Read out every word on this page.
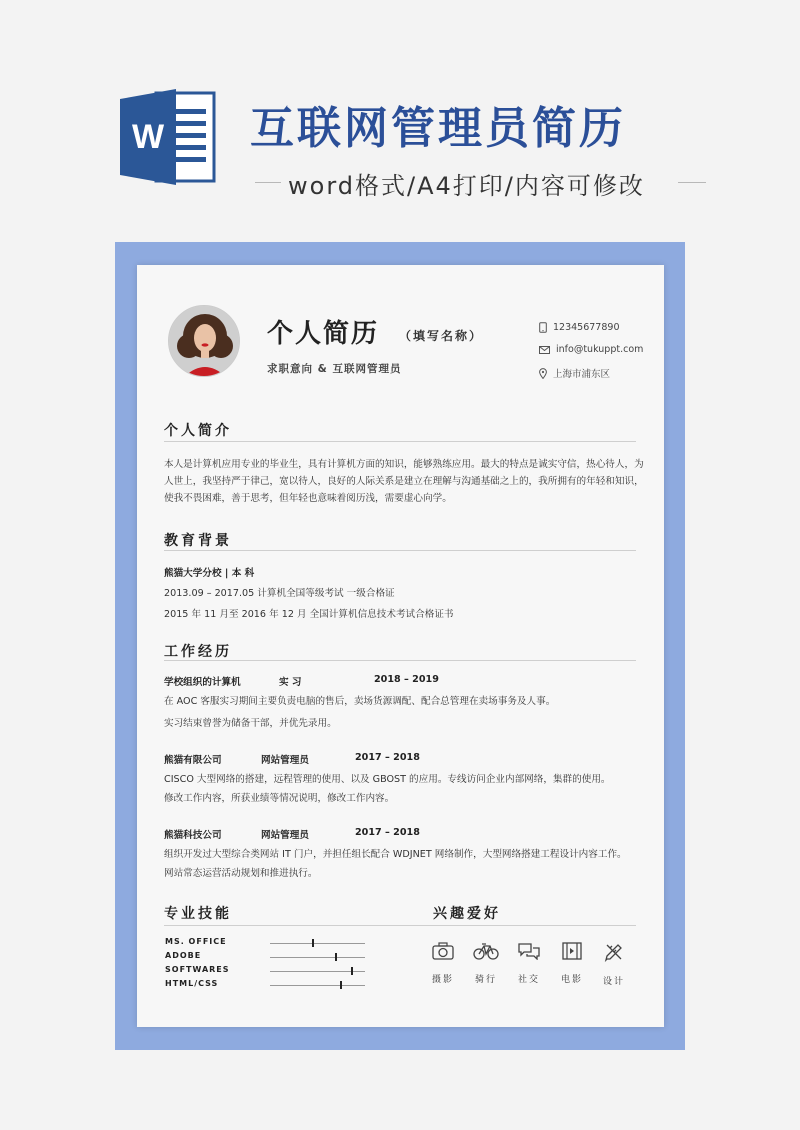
W 互联网管理员简历
word格式/A4打印/内容可修改
个人简历 （填写名称）
求职意向 & 互联网管理员
12345677890
info@tukuppt.com
上海市浦东区
个人简介
本人是计算机应用专业的毕业生，具有计算机方面的知识，能够熟练应用。最大的特点是诚实守信，热心待人，为人世上，我坚持严于律己，宽以待人，良好的人际关系是建立在理解与沟通基础之上的，我所拥有的年轻和知识，使我不畏困难，善于思考，但年轻也意味着阅历浅，需要虚心向学。
教育背景
熊猫大学分校 | 本 科
2013.09 – 2017.05 计算机全国等级考试 一级合格证
2015 年 11 月至 2016 年 12 月 全国计算机信息技术考试合格证书
工作经历
学校组织的计算机	实 习	2018 – 2019
在 AOC 客服实习期间主要负责电脑的售后，卖场货源调配、配合总管理在卖场事务及人事。
实习结束曾誉为储备干部，并优先录用。
熊猫有限公司	网站管理员	2017 – 2018
CISCO 大型网络的搭建，远程管理的使用、以及 GBOST 的应用。专线访问企业内部网络，集群的使用。
修改工作内容，所获业绩等情况说明，修改工作内容。
熊猫科技公司	网站管理员	2017 – 2018
组织开发过大型综合类网站 IT 门户，并担任组长配合 WDJNET 网络制作，大型网络搭建工程设计内容工作。
网站常态运营活动规划和推进执行。
专业技能
MS. OFFICE
ADOBE
SOFTWARES
HTML/CSS
兴趣爱好
摄影	骑行	社交	电影	设计
